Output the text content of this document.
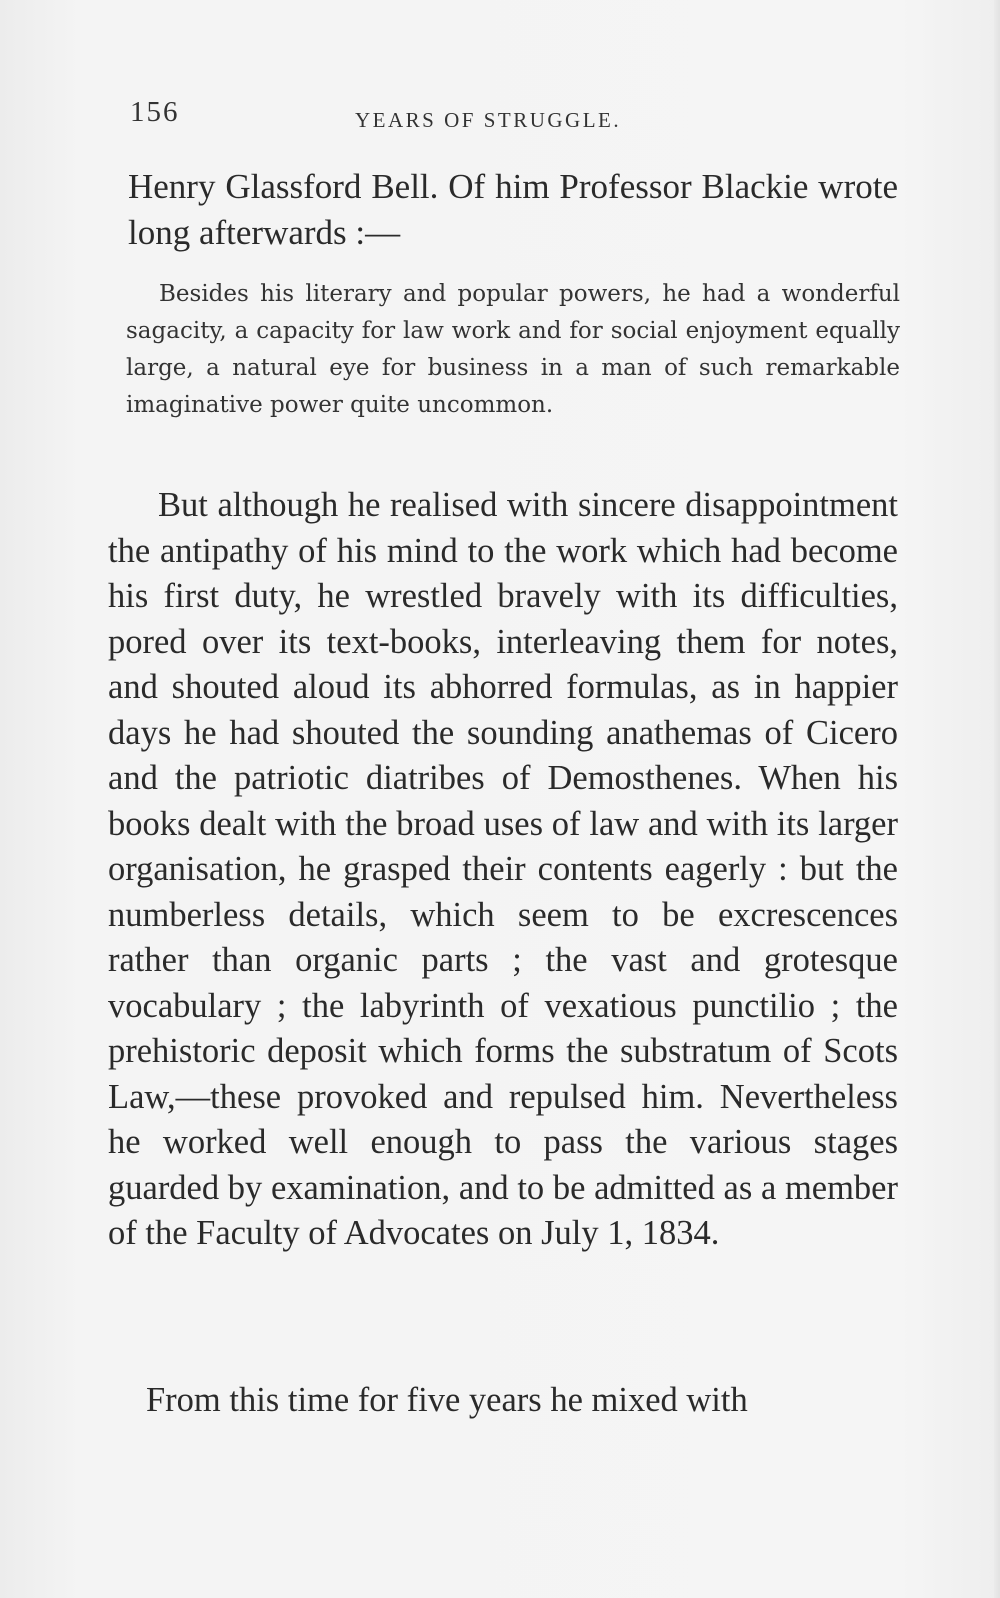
156	YEARS OF STRUGGLE.

Henry Glassford Bell. Of him Professor Blackie wrote long afterwards :—

Besides his literary and popular powers, he had a wonderful sagacity, a capacity for law work and for social enjoyment equally large, a natural eye for business in a man of such remarkable imaginative power quite uncommon.

But although he realised with sincere disappointment the antipathy of his mind to the work which had become his first duty, he wrestled bravely with its difficulties, pored over its text-books, interleaving them for notes, and shouted aloud its abhorred formulas, as in happier days he had shouted the sounding anathemas of Cicero and the patriotic diatribes of Demosthenes. When his books dealt with the broad uses of law and with its larger organisation, he grasped their contents eagerly : but the numberless details, which seem to be excrescences rather than organic parts ; the vast and grotesque vocabulary ; the labyrinth of vexatious punctilio ; the prehistoric deposit which forms the substratum of Scots Law,—these provoked and repulsed him. Nevertheless he worked well enough to pass the various stages guarded by examination, and to be admitted as a member of the Faculty of Advocates on July 1, 1834.

From this time for five years he mixed with
